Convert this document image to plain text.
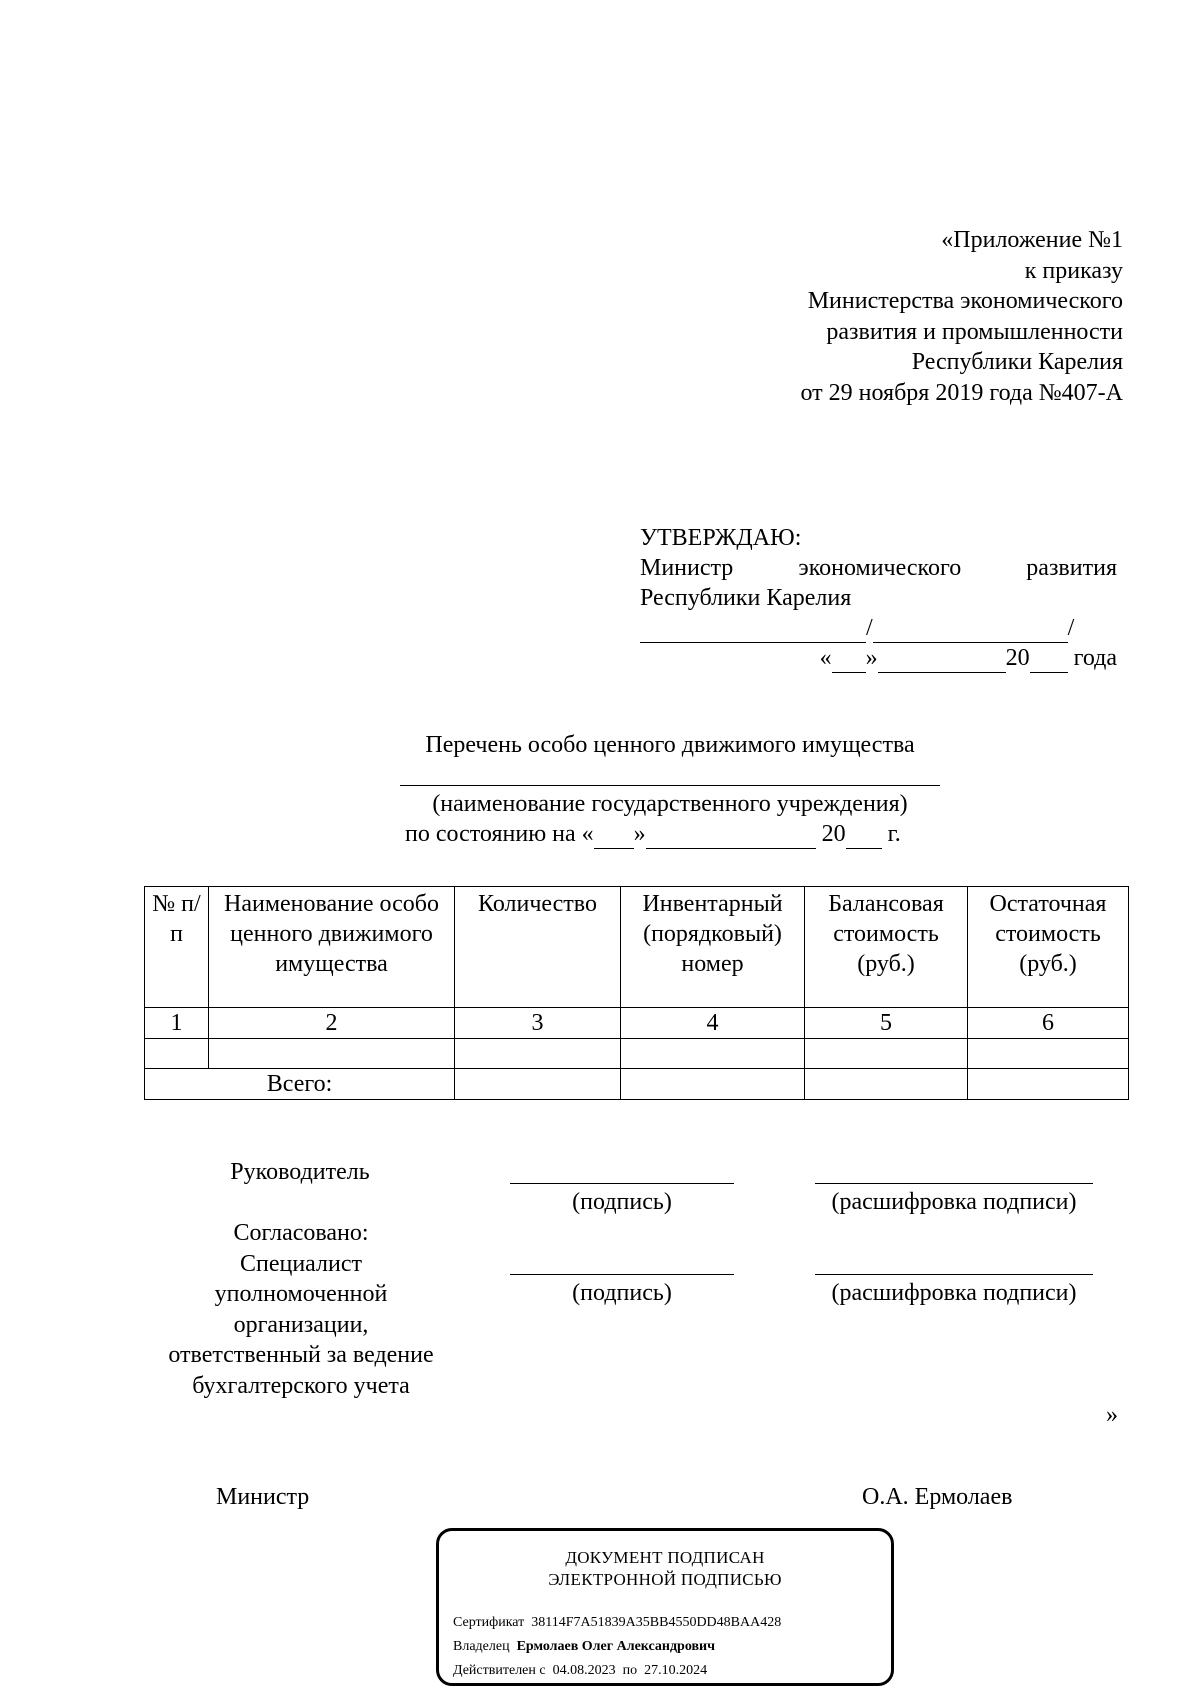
«Приложение №1
к приказу
Министерства экономического
развития и промышленности
Республики Карелия
от 29 ноября 2019 года №407-А
УТВЕРЖДАЮ:
Министр	экономического	развития
Республики Карелия
/	/
« »	20 года
Перечень особо ценного движимого имущества
(наименование государственного учреждения)
по состоянию на « »	20 г.
№ п/п	Наименование особо ценного движимого имущества	Количество	Инвентарный (порядковый) номер	Балансовая стоимость (руб.)	Остаточная стоимость (руб.)
1	2	3	4	5	6

Всего:					
Руководитель
(подпись)	(расшифровка подписи)
Согласовано:
Специалист
уполномоченной
организации,
ответственный за ведение
бухгалтерского учета
(подпись)	(расшифровка подписи)
»
Министр	О.А. Ермолаев
ДОКУМЕНТ ПОДПИСАН
ЭЛЕКТРОННОЙ ПОДПИСЬЮ
Сертификат 38114F7A51839A35BB4550DD48BAA428
Владелец Ермолаев Олег Александрович
Действителен с 04.08.2023 по 27.10.2024
